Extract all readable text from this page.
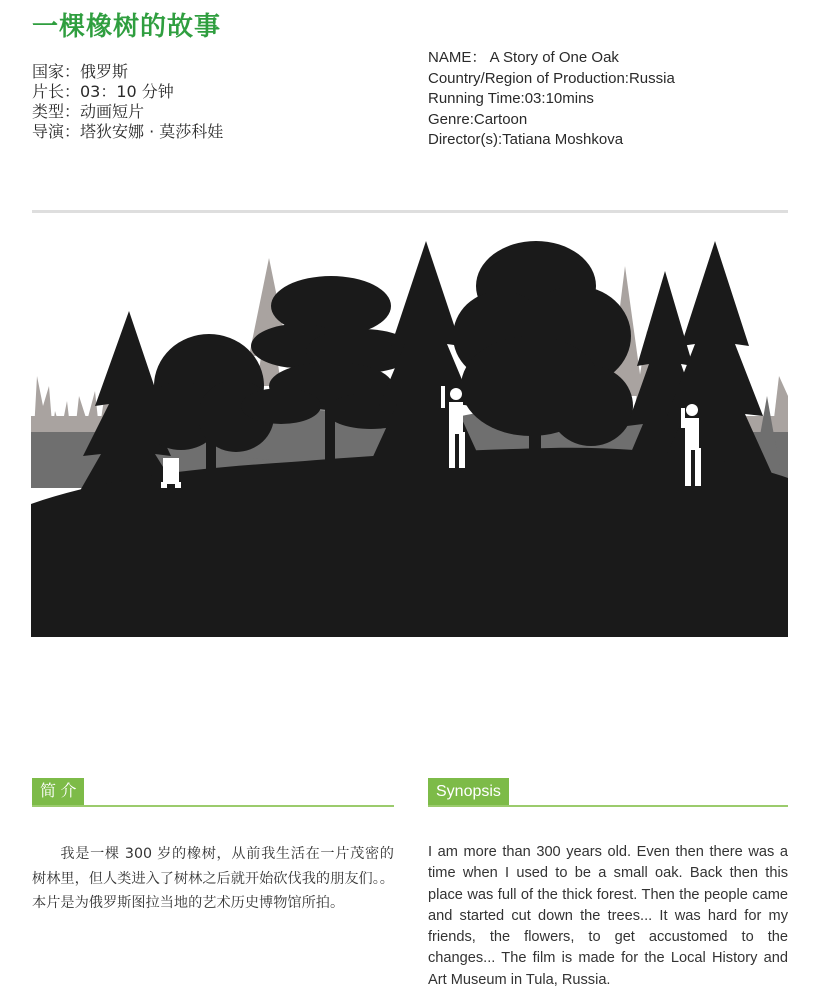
一棵橡树的故事
国家：俄罗斯
片长：03：10 分钟
类型：动画短片
导演：塔狄安娜 · 莫莎科娃
NAME： A Story of One Oak
Country/Region of Production:Russia
Running Time:03:10mins
Genre:Cartoon
Director(s):Tatiana Moshkova
简 介	Synopsis
我是一棵 300 岁的橡树，从前我生活在一片茂密的树林里，但人类进入了树林之后就开始砍伐我的朋友们。。本片是为俄罗斯图拉当地的艺术历史博物馆所拍。
I am more than 300 years old. Even then there was a time when I used to be a small oak. Back then this place was full of the thick forest. Then the people came and started cut down the trees... It was hard for my friends, the flowers, to get accustomed to the changes... The film is made for the Local History and Art Museum in Tula, Russia.
